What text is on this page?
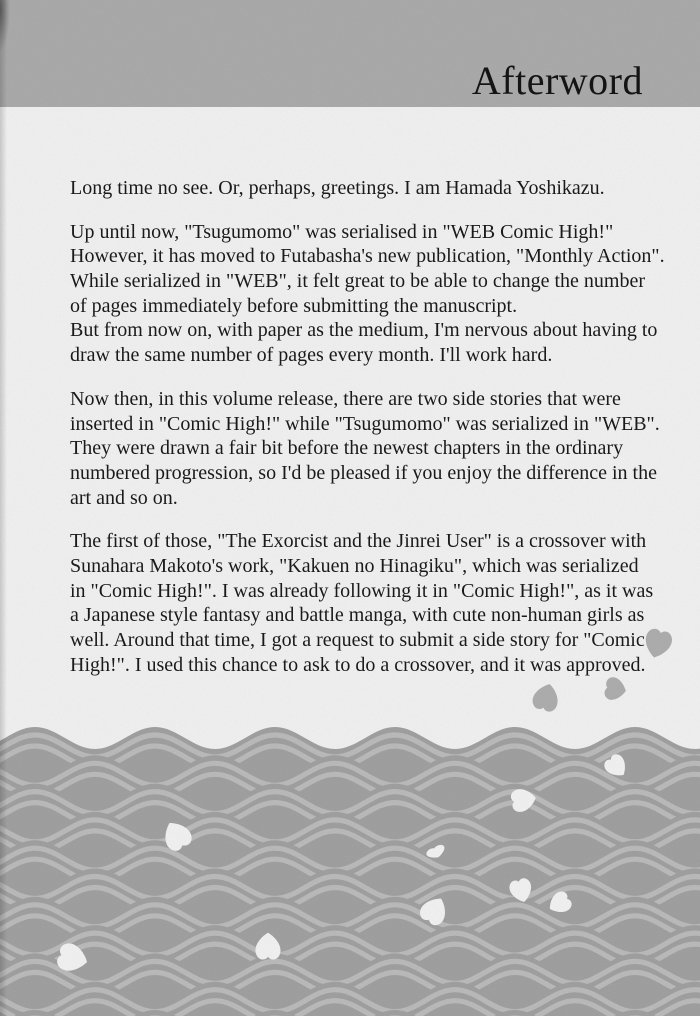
Afterword
Long time no see. Or, perhaps, greetings. I am Hamada Yoshikazu.
Up until now, "Tsugumomo" was serialised in "WEB Comic High!"
However, it has moved to Futabasha's new publication, "Monthly Action".
While serialized in "WEB", it felt great to be able to change the number
of pages immediately before submitting the manuscript.
But from now on, with paper as the medium, I'm nervous about having to
draw the same number of pages every month. I'll work hard.
Now then, in this volume release, there are two side stories that were
inserted in "Comic High!" while "Tsugumomo" was serialized in "WEB".
They were drawn a fair bit before the newest chapters in the ordinary
numbered progression, so I'd be pleased if you enjoy the difference in the
art and so on.
The first of those, "The Exorcist and the Jinrei User" is a crossover with
Sunahara Makoto's work, "Kakuen no Hinagiku", which was serialized
in "Comic High!". I was already following it in "Comic High!", as it was
a Japanese style fantasy and battle manga, with cute non-human girls as
well. Around that time, I got a request to submit a side story for "Comic
High!". I used this chance to ask to do a crossover, and it was approved.
